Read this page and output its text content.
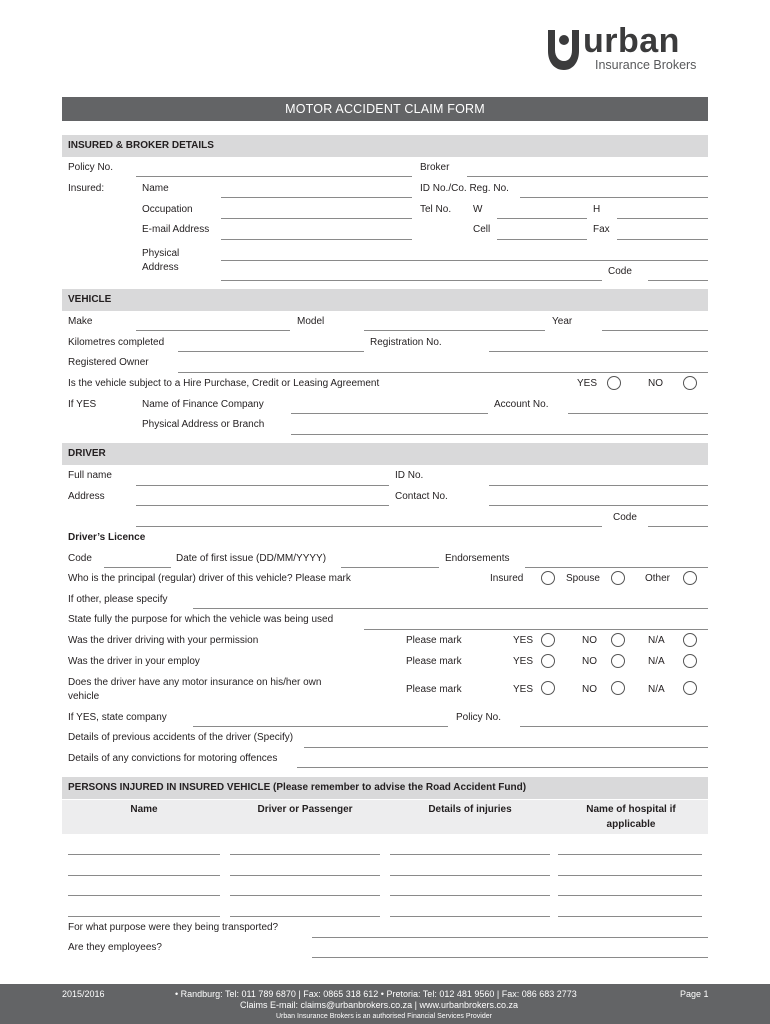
urban
Insurance Brokers
MOTOR ACCIDENT CLAIM FORM
INSURED & BROKER DETAILS
Policy No.	Broker
Insured:	Name	ID No./Co. Reg. No.
Occupation	Tel No. W	H
E-mail Address	Cell	Fax
Physical
Address	Code
VEHICLE
Make	Model	Year
Kilometres completed	Registration No.
Registered Owner
Is the vehicle subject to a Hire Purchase, Credit or Leasing Agreement	YES	NO
If YES	Name of Finance Company	Account No.
Physical Address or Branch
DRIVER
Full name	ID No.
Address	Contact No.
Code
Driver’s Licence
Code	Date of first issue (DD/MM/YYYY)	Endorsements
Who is the principal (regular) driver of this vehicle? Please mark	Insured	Spouse	Other
If other, please specify
State fully the purpose for which the vehicle was being used
Was the driver driving with your permission	Please mark	YES	NO	N/A
Was the driver in your employ	Please mark	YES	NO	N/A
Does the driver have any motor insurance on his/her own
vehicle
Please mark	YES	NO	N/A
If YES, state company	Policy No.
Details of previous accidents of the driver (Specify)
Details of any convictions for motoring offences
PERSONS INJURED IN INSURED VEHICLE (Please remember to advise the Road Accident Fund)
Name	Driver or Passenger	Details of injuries	Name of hospital if
applicable
For what purpose were they being transported?
Are they employees?
2015/2016	• Randburg: Tel: 011 789 6870 | Fax: 0865 318 612 • Pretoria: Tel: 012 481 9560 | Fax: 086 683 2773
Claims E-mail: claims@urbanbrokers.co.za | www.urbanbrokers.co.za
Urban Insurance Brokers is an authorised Financial Services Provider
Page 1
